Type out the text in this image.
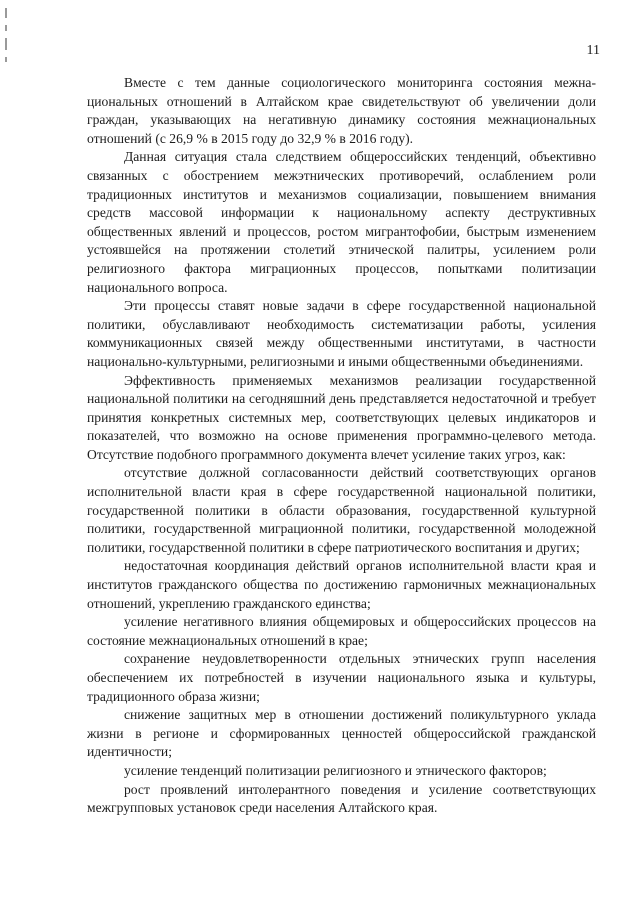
11

Вместе с тем данные социологического мониторинга состояния межнациональных отношений в Алтайском крае свидетельствуют об увеличении доли граждан, указывающих на негативную динамику состояния межнациональных отношений (с 26,9 % в 2015 году до 32,9 % в 2016 году).

Данная ситуация стала следствием общероссийских тенденций, объективно связанных с обострением межэтнических противоречий, ослаблением роли традиционных институтов и механизмов социализации, повышением внимания средств массовой информации к национальному аспекту деструктивных общественных явлений и процессов, ростом мигрантофобии, быстрым изменением устоявшейся на протяжении столетий этнической палитры, усилением роли религиозного фактора миграционных процессов, попытками политизации национального вопроса.

Эти процессы ставят новые задачи в сфере государственной национальной политики, обуславливают необходимость систематизации работы, усиления коммуникационных связей между общественными институтами, в частности национально-культурными, религиозными и иными общественными объединениями.

Эффективность применяемых механизмов реализации государственной национальной политики на сегодняшний день представляется недостаточной и требует принятия конкретных системных мер, соответствующих целевых индикаторов и показателей, что возможно на основе применения программно-целевого метода. Отсутствие подобного программного документа влечет усиление таких угроз, как:

отсутствие должной согласованности действий соответствующих органов исполнительной власти края в сфере государственной национальной политики, государственной политики в области образования, государственной культурной политики, государственной миграционной политики, государственной молодежной политики, государственной политики в сфере патриотического воспитания и других;

недостаточная координация действий органов исполнительной власти края и институтов гражданского общества по достижению гармоничных межнациональных отношений, укреплению гражданского единства;

усиление негативного влияния общемировых и общероссийских процессов на состояние межнациональных отношений в крае;

сохранение неудовлетворенности отдельных этнических групп населения обеспечением их потребностей в изучении национального языка и культуры, традиционного образа жизни;

снижение защитных мер в отношении достижений поликультурного уклада жизни в регионе и сформированных ценностей общероссийской гражданской идентичности;

усиление тенденций политизации религиозного и этнического факторов;

рост проявлений интолерантного поведения и усиление соответствующих межгрупповых установок среди населения Алтайского края.
